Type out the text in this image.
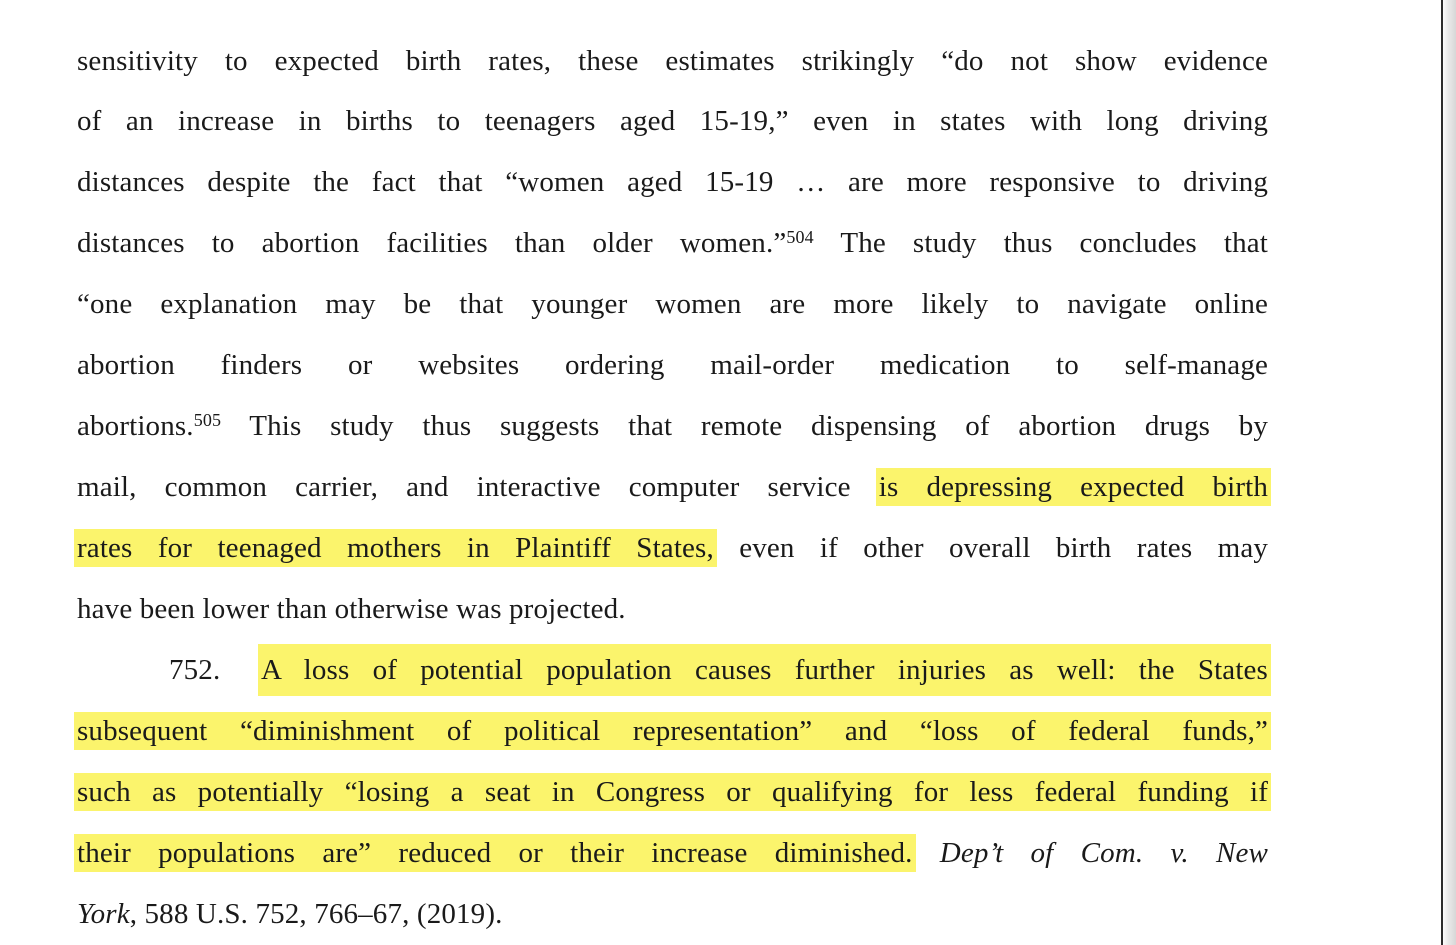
sensitivity to expected birth rates, these estimates strikingly “do not show evidence
of an increase in births to teenagers aged 15-19,” even in states with long driving
distances despite the fact that “women aged 15-19 … are more responsive to driving
distances to abortion facilities than older women.”$^{504}$ The study thus concludes that
“one explanation may be that younger women are more likely to navigate online
abortion finders or websites ordering mail-order medication to self-manage
abortions.$^{505}$ This study thus suggests that remote dispensing of abortion drugs by
mail, common carrier, and interactive computer service is depressing expected birth
rates for teenaged mothers in Plaintiff States, even if other overall birth rates may
have been lower than otherwise was projected.
752. A loss of potential population causes further injuries as well: the States
subsequent “diminishment of political representation” and “loss of federal funds,”
such as potentially “losing a seat in Congress or qualifying for less federal funding if
their populations are” reduced or their increase diminished. Dep’t of Com. v. New
York, 588 U.S. 752, 766–67, (2019).
